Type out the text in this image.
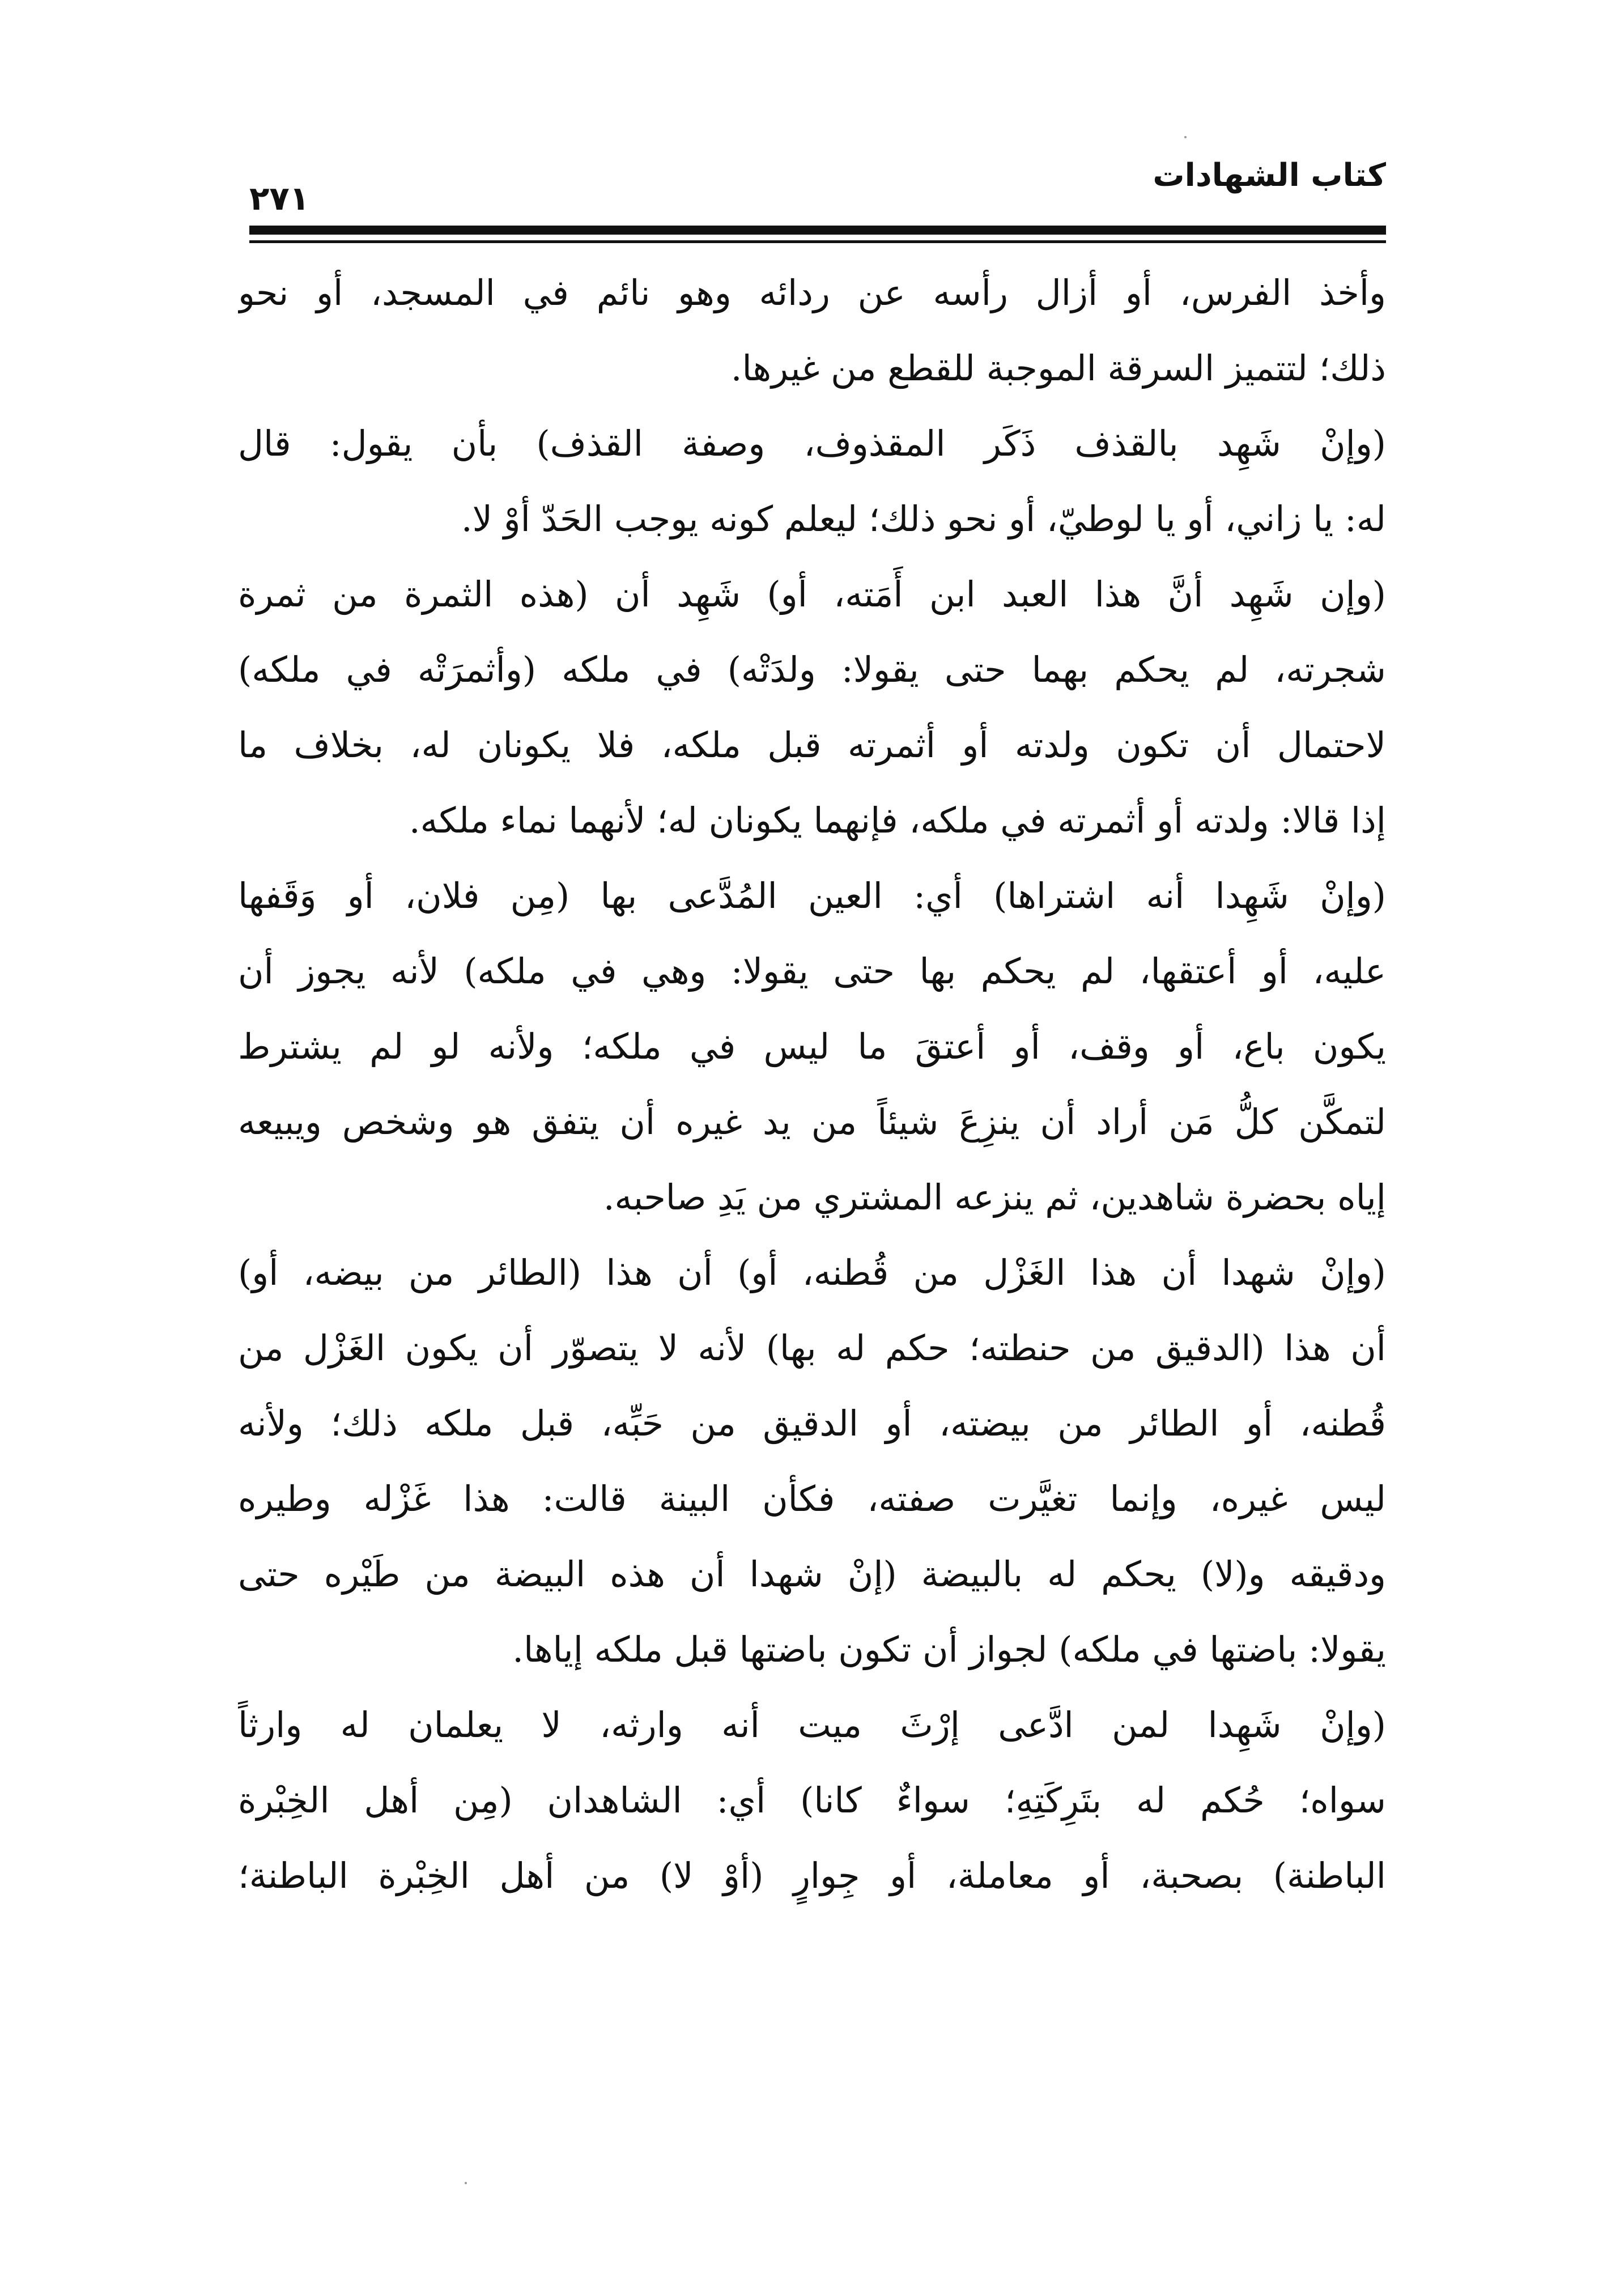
كتاب الشهادات
٢٧١
وأخذ الفرس، أو أزال رأسه عن ردائه وهو نائم في المسجد، أو نحو
ذلك؛ لتتميز السرقة الموجبة للقطع من غيرها.
(وإنْ شَهِد بالقذف ذَكَر المقذوف، وصفة القذف) بأن يقول: قال
له: يا زاني، أو يا لوطيّ، أو نحو ذلك؛ ليعلم كونه يوجب الحَدّ أوْ لا.
(وإن شَهِد أنَّ هذا العبد ابن أَمَته، أو) شَهِد أن (هذه الثمرة من ثمرة
شجرته، لم يحكم بهما حتى يقولا: ولدَتْه) في ملكه (وأثمرَتْه في ملكه)
لاحتمال أن تكون ولدته أو أثمرته قبل ملكه، فلا يكونان له، بخلاف ما
إذا قالا: ولدته أو أثمرته في ملكه، فإنهما يكونان له؛ لأنهما نماء ملكه.
(وإنْ شَهِدا أنه اشتراها) أي: العين المُدَّعى بها (مِن فلان، أو وَقَفها
عليه، أو أعتقها، لم يحكم بها حتى يقولا: وهي في ملكه) لأنه يجوز أن
يكون باع، أو وقف، أو أعتقَ ما ليس في ملكه؛ ولأنه لو لم يشترط
لتمكَّن كلُّ مَن أراد أن ينزِعَ شيئاً من يد غيره أن يتفق هو وشخص ويبيعه
إياه بحضرة شاهدين، ثم ينزعه المشتري من يَدِ صاحبه.
(وإنْ شهدا أن هذا الغَزْل من قُطنه، أو) أن هذا (الطائر من بيضه، أو)
أن هذا (الدقيق من حنطته؛ حكم له بها) لأنه لا يتصوّر أن يكون الغَزْل من
قُطنه، أو الطائر من بيضته، أو الدقيق من حَبِّه، قبل ملكه ذلك؛ ولأنه
ليس غيره، وإنما تغيَّرت صفته، فكأن البينة قالت: هذا غَزْله وطيره
ودقيقه و(لا) يحكم له بالبيضة (إنْ شهدا أن هذه البيضة من طَيْره حتى
يقولا: باضتها في ملكه) لجواز أن تكون باضتها قبل ملكه إياها.
(وإنْ شَهِدا لمن ادَّعى إرْثَ ميت أنه وارثه، لا يعلمان له وارثاً
سواه؛ حُكم له بتَرِكَتِهِ؛ سواءٌ كانا) أي: الشاهدان (مِن أهل الخِبْرة
الباطنة) بصحبة، أو معاملة، أو جِوارٍ (أوْ لا) من أهل الخِبْرة الباطنة؛
